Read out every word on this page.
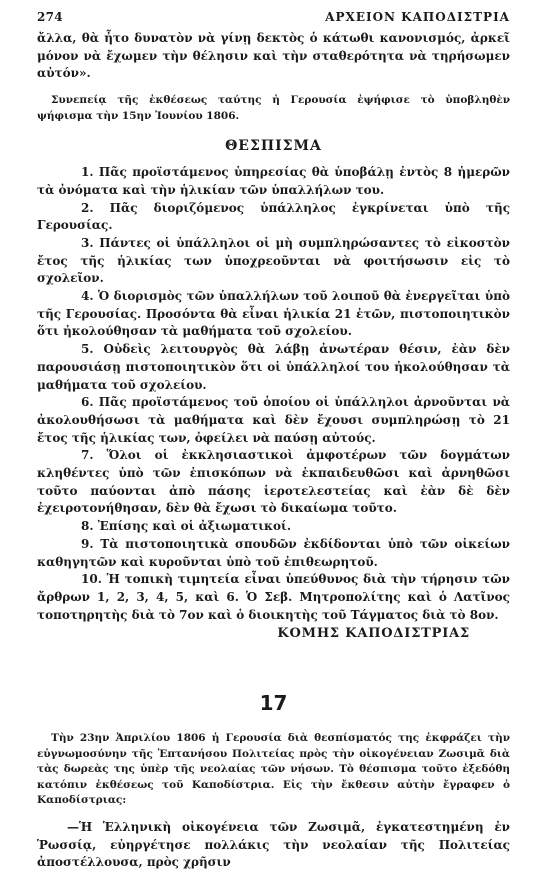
274	ΑΡΧΕΙΟΝ ΚΑΠΟΔΙΣΤΡΙΑ

ἄλλα, θὰ ἦτο δυνατὸν νὰ γίνῃ δεκτὸς ὁ κάτωθι κανονισμός, ἀρκεῖ μόνον νὰ ἔχωμεν τὴν θέλησιν καὶ τὴν σταθερότητα νὰ τηρήσωμεν αὐτόν».

Συνεπείᾳ τῆς ἐκθέσεως ταύτης ἡ Γερουσία ἐψήφισε τὸ ὑποβληθὲν ψήφισμα τὴν 15ην Ἰουνίου 1806.

ΘΕΣΠΙΣΜΑ

1. Πᾶς προϊστάμενος ὑπηρεσίας θὰ ὑποβάλῃ ἐντὸς 8 ἡμερῶν τὰ ὀνόματα καὶ τὴν ἡλικίαν τῶν ὑπαλλήλων του.

2. Πᾶς διοριζόμενος ὑπάλληλος ἐγκρίνεται ὑπὸ τῆς Γερουσίας.

3. Πάντες οἱ ὑπάλληλοι οἱ μὴ συμπληρώσαντες τὸ εἰκοστὸν ἔτος τῆς ἡλικίας των ὑποχρεοῦνται νὰ φοιτήσωσιν εἰς τὸ σχολεῖον.

4. Ὁ διορισμὸς τῶν ὑπαλλήλων τοῦ λοιποῦ θὰ ἐνεργεῖται ὑπὸ τῆς Γερουσίας. Προσόντα θὰ εἶναι ἡλικία 21 ἐτῶν, πιστοποιητικὸν ὅτι ἠκολούθησαν τὰ μαθήματα τοῦ σχολείου.

5. Οὐδεὶς λειτουργὸς θὰ λάβῃ ἀνωτέραν θέσιν, ἐὰν δὲν παρουσιάσῃ πιστοποιητικὸν ὅτι οἱ ὑπάλληλοί του ἠκολούθησαν τὰ μαθήματα τοῦ σχολείου.

6. Πᾶς προϊστάμενος τοῦ ὁποίου οἱ ὑπάλληλοι ἀρνοῦνται νὰ ἀκολουθήσωσι τὰ μαθήματα καὶ δὲν ἔχουσι συμπληρώσῃ τὸ 21 ἔτος τῆς ἡλικίας των, ὀφείλει νὰ παύσῃ αὐτούς.

7. Ὅλοι οἱ ἐκκλησιαστικοὶ ἀμφοτέρων τῶν δογμάτων κληθέντες ὑπὸ τῶν ἐπισκόπων νὰ ἐκπαιδευθῶσι καὶ ἀρνηθῶσι τοῦτο παύονται ἀπὸ πάσης ἱεροτελεστείας καὶ ἐὰν δὲ δὲν ἐχειροτονήθησαν, δὲν θὰ ἔχωσι τὸ δικαίωμα τοῦτο.

8. Ἐπίσης καὶ οἱ ἀξιωματικοί.

9. Τὰ πιστοποιητικὰ σπουδῶν ἐκδίδονται ὑπὸ τῶν οἰκείων καθηγητῶν καὶ κυροῦνται ὑπὸ τοῦ ἐπιθεωρητοῦ.

10. Ἡ τοπικὴ τιμητεία εἶναι ὑπεύθυνος διὰ τὴν τήρησιν τῶν ἄρθρων 1, 2, 3, 4, 5, καὶ 6. Ὁ Σεβ. Μητροπολίτης καὶ ὁ Λατῖνος τοποτηρητὴς διὰ τὸ 7ον καὶ ὁ διοικητὴς τοῦ Τάγματος διὰ τὸ 8ον.

ΚΟΜΗΣ ΚΑΠΟΔΙΣΤΡΙΑΣ
17

Τὴν 23ην Ἀπριλίου 1806 ἡ Γερουσία διὰ θεσπίσματός της ἐκφράζει τὴν εὐγνωμοσύνην τῆς Ἑπτανήσου Πολιτείας πρὸς τὴν οἰκογένειαν Ζωσιμᾶ διὰ τὰς δωρεὰς της ὑπὲρ τῆς νεολαίας τῶν νήσων. Τὸ θέσπισμα τοῦτο ἐξεδόθη κατόπιν ἐκθέσεως τοῦ Καποδίστρια. Εἰς τὴν ἔκθεσιν αὐτὴν ἔγραφεν ὁ Καποδίστριας:

—Ἡ Ἑλληνικὴ οἰκογένεια τῶν Ζωσιμᾶ, ἐγκατεστημένη ἐν Ῥωσσίᾳ, εὐηργέτησε πολλάκις τὴν νεολαίαν τῆς Πολιτείας ἀποστέλλουσα, πρὸς χρῆσιν
